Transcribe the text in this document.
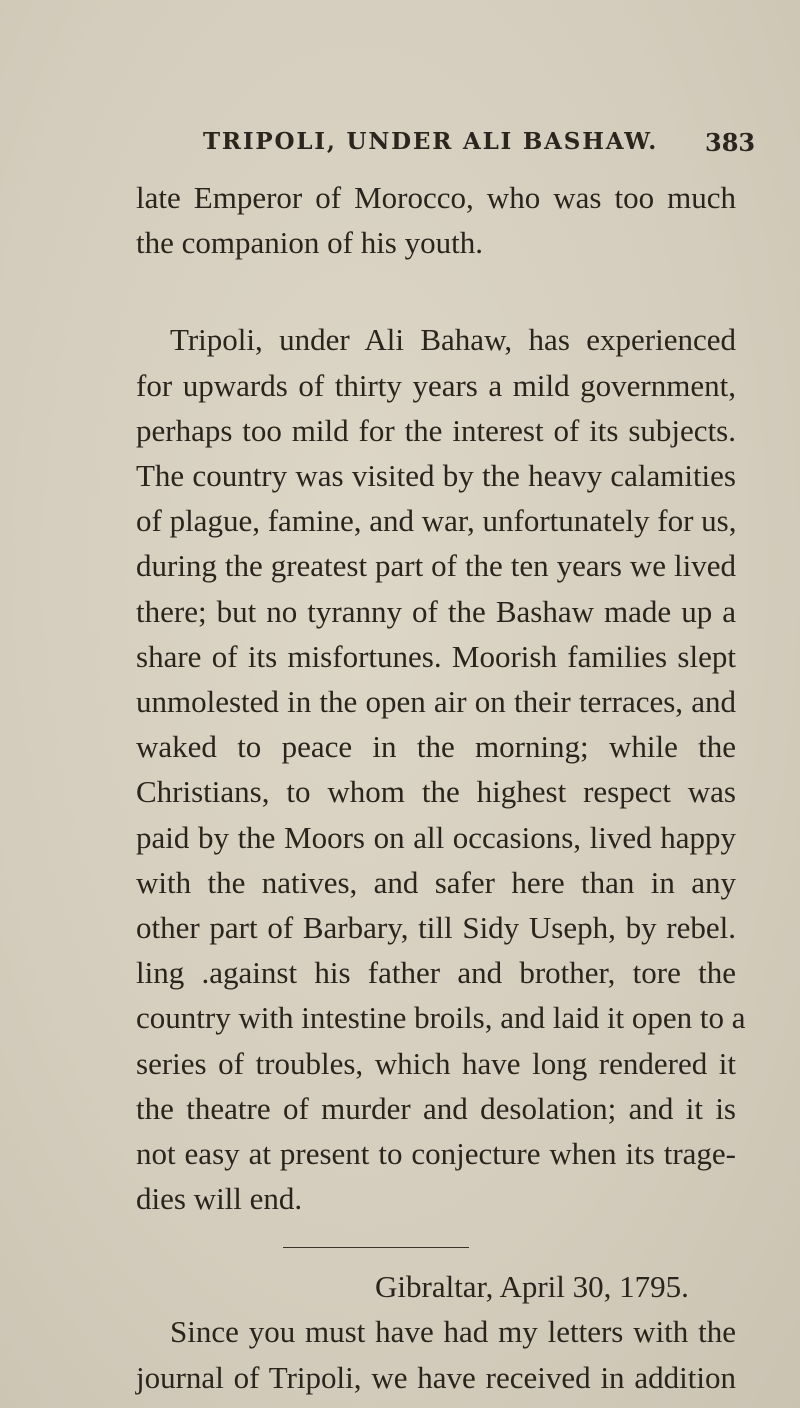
TRIPOLI, UNDER ALI BASHAW. 383
late Emperor of Morocco, who was too much
the companion of his youth.
Tripoli, under Ali Bahaw, has experienced
for upwards of thirty years a mild government,
perhaps too mild for the interest of its subjects.
The country was visited by the heavy calamities
of plague, famine, and war, unfortunately for us,
during the greatest part of the ten years we lived
there; but no tyranny of the Bashaw made up a
share of its misfortunes. Moorish families slept
unmolested in the open air on their terraces, and
waked to peace in the morning; while the
Christians, to whom the highest respect was
paid by the Moors on all occasions, lived happy
with the natives, and safer here than in any
other part of Barbary, till Sidy Useph, by rebel.
ling .against his father and brother, tore the
country with intestine broils, and laid it open to a
series of troubles, which have long rendered it
the theatre of murder and desolation; and it is
not easy at present to conjecture when its trage-
dies will end.
Gibraltar, April 30, 1795.
Since you must have had my letters with the
journal of Tripoli, we have received in addition
